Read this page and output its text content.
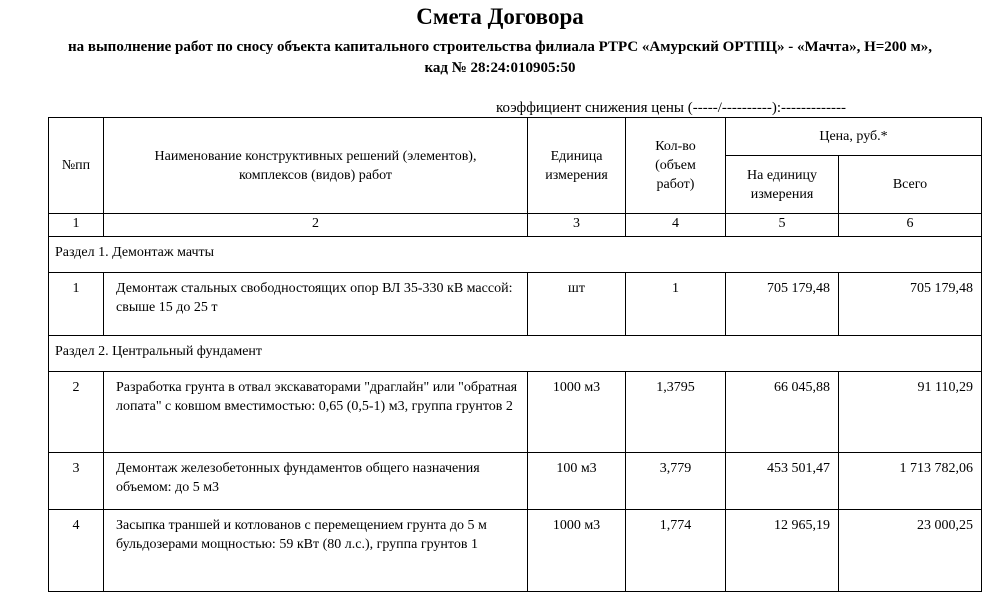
Смета Договора
на выполнение работ по сносу объекта капитального строительства филиала РТРС «Амурский ОРТПЦ» - «Мачта», Н=200 м», кад № 28:24:010905:50
коэффициент снижения цены (-----/----------):-------------
№пп	Наименование конструктивных решений (элементов), комплексов (видов) работ	Единица измерения	Кол-во (объем работ)	Цена, руб.*	
				На единицу измерения	Всего
1	2	3	4	5	6
Раздел 1. Демонтаж мачты					
1	Демонтаж стальных свободностоящих опор ВЛ 35-330 кВ массой: свыше 15 до 25 т	шт	1	705 179,48	705 179,48
Раздел 2. Центральный фундамент					
2	Разработка грунта в отвал экскаваторами "драглайн" или "обратная лопата" с ковшом вместимостью: 0,65 (0,5-1) м3, группа грунтов 2	1000 м3	1,3795	66 045,88	91 110,29
3	Демонтаж железобетонных фундаментов общего назначения объемом: до 5 м3	100 м3	3,779	453 501,47	1 713 782,06
4	Засыпка траншей и котлованов с перемещением грунта до 5 м бульдозерами мощностью: 59 кВт (80 л.с.), группа грунтов 1	1000 м3	1,774	12 965,19	23 000,25
